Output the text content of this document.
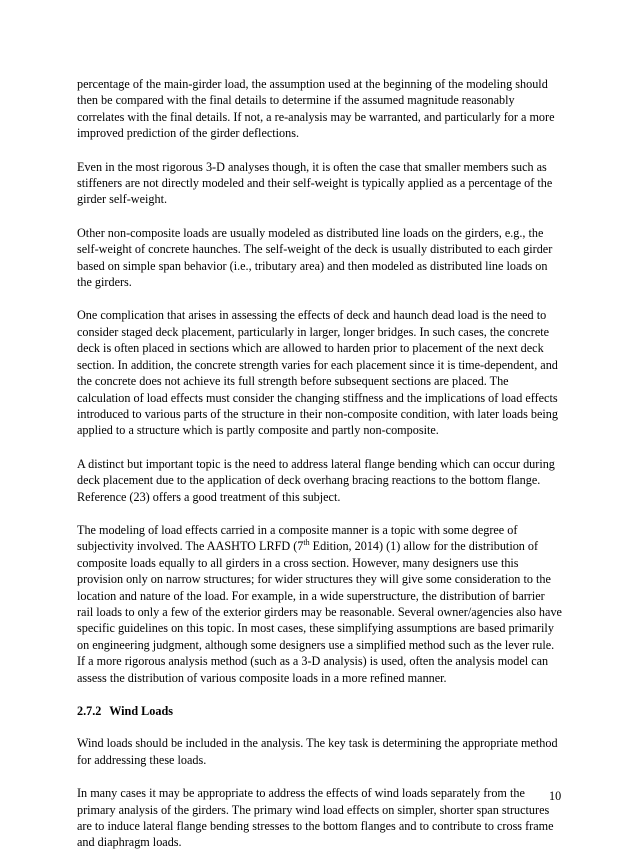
percentage of the main-girder load, the assumption used at the beginning of the modeling should then be compared with the final details to determine if the assumed magnitude reasonably correlates with the final details. If not, a re-analysis may be warranted, and particularly for a more improved prediction of the girder deflections.

Even in the most rigorous 3-D analyses though, it is often the case that smaller members such as stiffeners are not directly modeled and their self-weight is typically applied as a percentage of the girder self-weight.

Other non-composite loads are usually modeled as distributed line loads on the girders, e.g., the self-weight of concrete haunches. The self-weight of the deck is usually distributed to each girder based on simple span behavior (i.e., tributary area) and then modeled as distributed line loads on the girders.

One complication that arises in assessing the effects of deck and haunch dead load is the need to consider staged deck placement, particularly in larger, longer bridges. In such cases, the concrete deck is often placed in sections which are allowed to harden prior to placement of the next deck section. In addition, the concrete strength varies for each placement since it is time-dependent, and the concrete does not achieve its full strength before subsequent sections are placed. The calculation of load effects must consider the changing stiffness and the implications of load effects introduced to various parts of the structure in their non-composite condition, with later loads being applied to a structure which is partly composite and partly non-composite.

A distinct but important topic is the need to address lateral flange bending which can occur during deck placement due to the application of deck overhang bracing reactions to the bottom flange. Reference (23) offers a good treatment of this subject.

The modeling of load effects carried in a composite manner is a topic with some degree of subjectivity involved. The AASHTO LRFD (7th Edition, 2014) (1) allow for the distribution of composite loads equally to all girders in a cross section. However, many designers use this provision only on narrow structures; for wider structures they will give some consideration to the location and nature of the load. For example, in a wide superstructure, the distribution of barrier rail loads to only a few of the exterior girders may be reasonable. Several owner/agencies also have specific guidelines on this topic. In most cases, these simplifying assumptions are based primarily on engineering judgment, although some designers use a simplified method such as the lever rule. If a more rigorous analysis method (such as a 3-D analysis) is used, often the analysis model can assess the distribution of various composite loads in a more refined manner.

2.7.2 Wind Loads

Wind loads should be included in the analysis. The key task is determining the appropriate method for addressing these loads.

In many cases it may be appropriate to address the effects of wind loads separately from the primary analysis of the girders. The primary wind load effects on simpler, shorter span structures are to induce lateral flange bending stresses to the bottom flanges and to contribute to cross frame and diaphragm loads.

10
